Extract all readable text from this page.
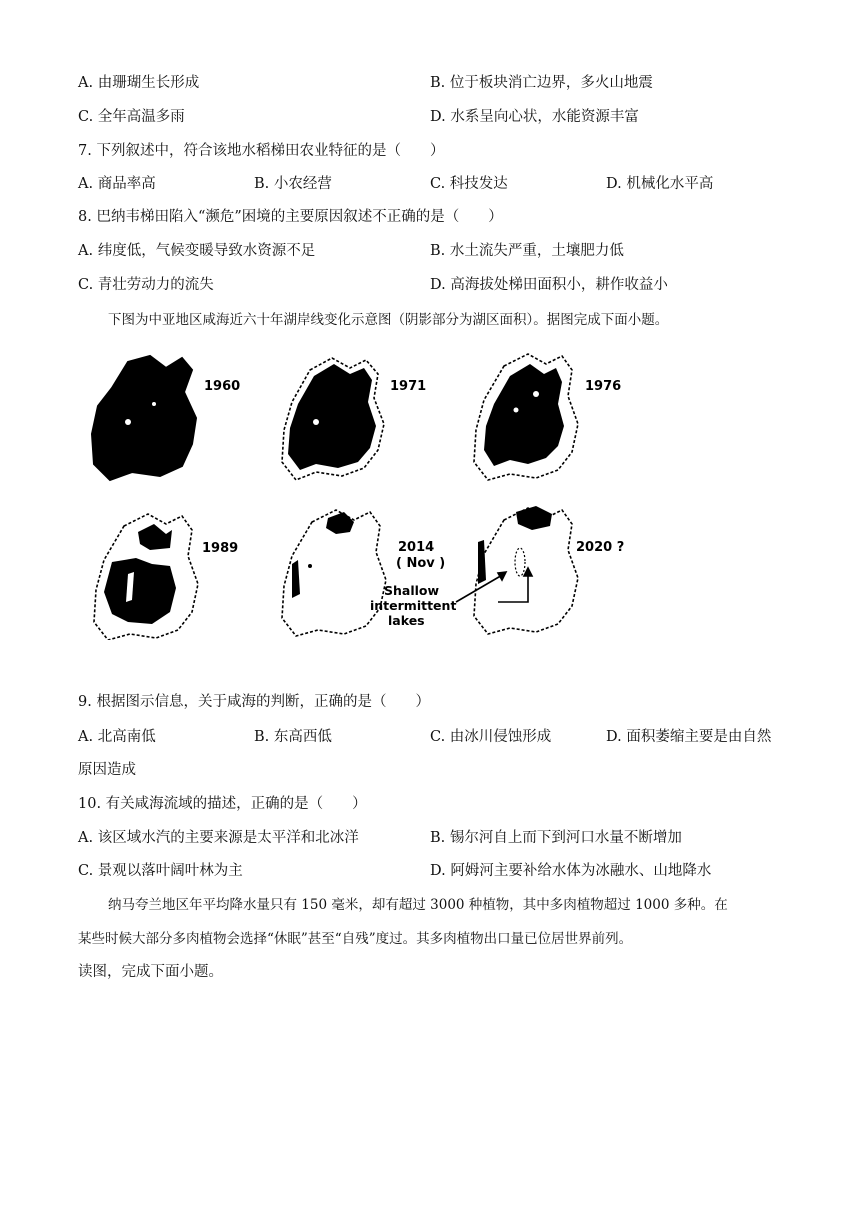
A. 由珊瑚生长形成	B. 位于板块消亡边界，多火山地震
C. 全年高温多雨	D. 水系呈向心状，水能资源丰富
7. 下列叙述中，符合该地水稻梯田农业特征的是（　　）
A. 商品率高	B. 小农经营	C. 科技发达	D. 机械化水平高
8. 巴纳韦梯田陷入“濒危”困境的主要原因叙述不正确的是（　　）
A. 纬度低，气候变暖导致水资源不足	B. 水土流失严重，土壤肥力低
C. 青壮劳动力的流失	D. 高海拔处梯田面积小，耕作收益小
下图为中亚地区咸海近六十年湖岸线变化示意图（阴影部分为湖区面积）。据图完成下面小题。
1960	1971	1976
1989	2014
( Nov )
2020 ?
Shallow
intermittent
lakes
9. 根据图示信息，关于咸海的判断，正确的是（　　）
A. 北高南低	B. 东高西低	C. 由冰川侵蚀形成	D. 面积萎缩主要是由自然
原因造成
10. 有关咸海流域的描述，正确的是（　　）
A. 该区域水汽的主要来源是太平洋和北冰洋	B. 锡尔河自上而下到河口水量不断增加
C. 景观以落叶阔叶林为主	D. 阿姆河主要补给水体为冰融水、山地降水
纳马夸兰地区年平均降水量只有 150 毫米，却有超过 3000 种植物，其中多肉植物超过 1000 多种。在
某些时候大部分多肉植物会选择“休眠”甚至“自残”度过。其多肉植物出口量已位居世界前列。
读图，完成下面小题。
